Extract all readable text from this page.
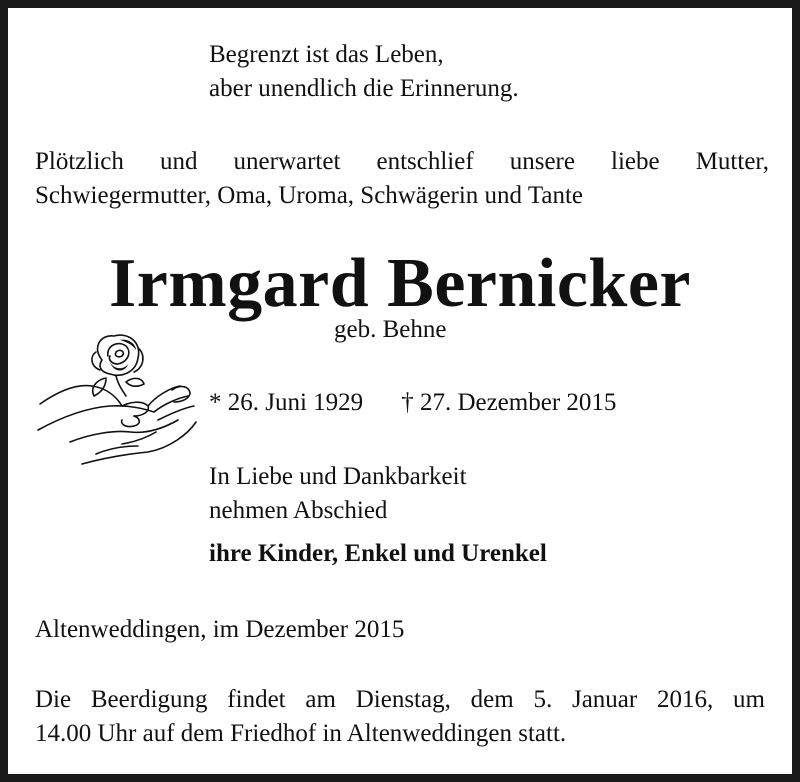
Begrenzt ist das Leben,
aber unendlich die Erinnerung.
Plötzlich und unerwartet entschlief unsere liebe Mutter,
Schwiegermutter, Oma, Uroma, Schwägerin und Tante
Irmgard Bernicker
geb. Behne
* 26. Juni 1929 † 27. Dezember 2015
In Liebe und Dankbarkeit
nehmen Abschied
ihre Kinder, Enkel und Urenkel
Altenweddingen, im Dezember 2015
Die Beerdigung findet am Dienstag, dem 5. Januar 2016, um
14.00 Uhr auf dem Friedhof in Altenweddingen statt.
